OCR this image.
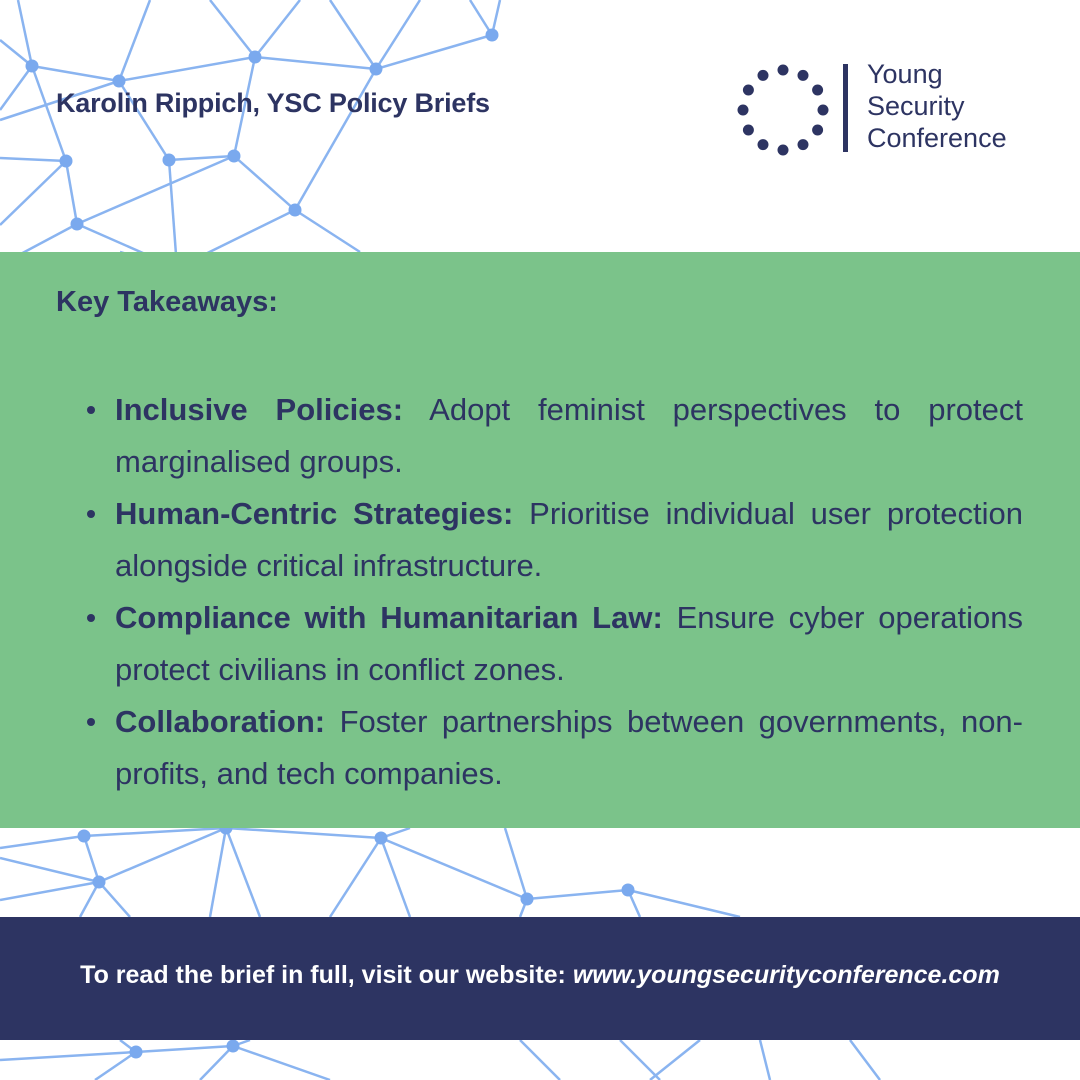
Karolin Rippich, YSC Policy Briefs
Young
Security
Conference
Key Takeaways:
Inclusive Policies: Adopt feminist perspectives to protect marginalised groups.
Human-Centric Strategies: Prioritise individual user protection alongside critical infrastructure.
Compliance with Humanitarian Law: Ensure cyber operations protect civilians in conflict zones.
Collaboration: Foster partnerships between governments, non-profits, and tech companies.
To read the brief in full, visit our website: www.youngsecurityconference.com
